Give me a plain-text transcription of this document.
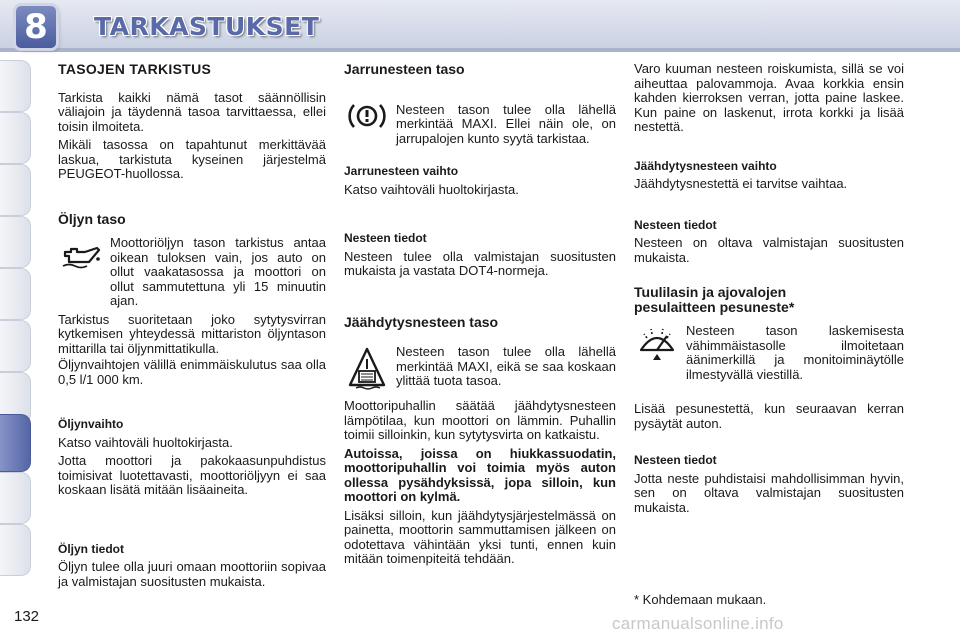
8	TARKASTUKSET
TASOJEN TARKISTUS

Tarkista kaikki nämä tasot säännöllisin väliajoin ja täydennä tasoa tarvittaessa, ellei toisin ilmoiteta.

Mikäli tasossa on tapahtunut merkittävää laskua, tarkistuta kyseinen järjestelmä PEUGEOT-huollossa.

Öljyn taso
Moottoriöljyn tason tarkistus antaa oikean tuloksen vain, jos auto on ollut vaakatasossa ja moottori on ollut sammutettuna yli 15 minuutin ajan.

Tarkistus suoritetaan joko sytytysvirran kytkemisen yhteydessä mittariston öljyntason mittarilla tai öljynmittatikulla.

Öljynvaihtojen välillä enimmäiskulutus saa olla 0,5 l/1 000 km.

Öljynvaihto

Katso vaihtoväli huoltokirjasta.

Jotta moottori ja pakokaasunpuhdistus toimisivat luotettavasti, moottoriöljyyn ei saa koskaan lisätä mitään lisäaineita.

Öljyn tiedot

Öljyn tulee olla juuri omaan moottoriin sopivaa ja valmistajan suositusten mukaista.

Jarrunesteen taso
Nesteen tason tulee olla lähellä merkintää MAXI. Ellei näin ole, on jarrupalojen kunto syytä tarkistaa.
Jarrunesteen vaihto

Katso vaihtoväli huoltokirjasta.

Nesteen tiedot

Nesteen tulee olla valmistajan suositusten mukaista ja vastata DOT4-normeja.

Jäähdytysnesteen taso
Nesteen tason tulee olla lähellä merkintää MAXI, eikä se saa koskaan ylittää tuota tasoa.

Moottoripuhallin säätää jäähdytysnesteen lämpötilaa, kun moottori on lämmin. Puhallin toimii silloinkin, kun sytytysvirta on katkaistu.

Autoissa, joissa on hiukkassuodatin, moottoripuhallin voi toimia myös auton ollessa pysähdyksissä, jopa silloin, kun moottori on kylmä.

Lisäksi silloin, kun jäähdytysjärjestelmässä on painetta, moottorin sammuttamisen jälkeen on odotettava vähintään yksi tunti, ennen kuin mitään toimenpiteitä tehdään.

Varo kuuman nesteen roiskumista, sillä se voi aiheuttaa palovammoja. Avaa korkkia ensin kahden kierroksen verran, jotta paine laskee. Kun paine on laskenut, irrota korkki ja lisää nestettä.

Jäähdytysnesteen vaihto

Jäähdytysnestettä ei tarvitse vaihtaa.

Nesteen tiedot

Nesteen on oltava valmistajan suositusten mukaista.

Tuulilasin ja ajovalojen pesulaitteen pesuneste*
Nesteen tason laskemisesta vähimmäistasolle ilmoitetaan äänimerkillä ja monitoiminäytölle ilmestyvällä viestillä.

Lisää pesunestettä, kun seuraavan kerran pysäytät auton.

Nesteen tiedot

Jotta neste puhdistaisi mahdollisimman hyvin, sen on oltava valmistajan suositusten mukaista.

* Kohdemaan mukaan.
132	carmanualsonline.info
